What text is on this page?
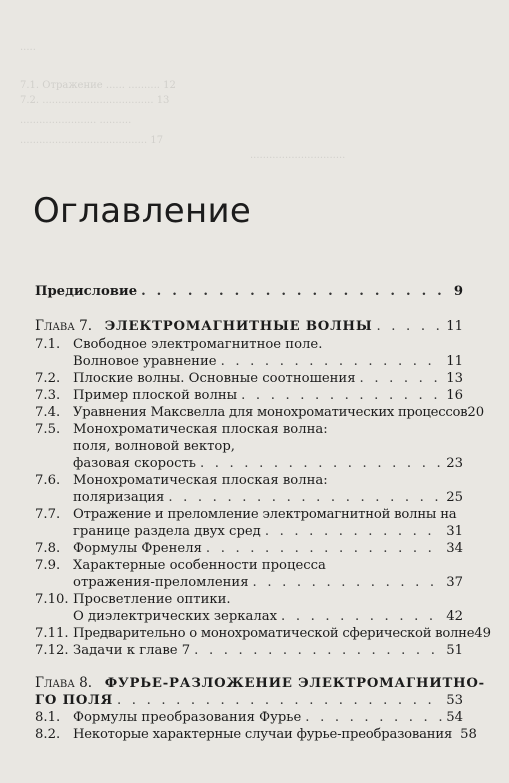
.....
7.1. Отражение ...... .......... 12
7.2. ................................... 13
........................ ..........
........................................ 17
..............................
Оглавление
Предисловие . . .	9
Глава 7. ЭЛЕКТРОМАГНИТНЫЕ ВОЛНЫ . . .	11
7.1. Свободное электромагнитное поле.
Волновое уравнение . . .	11
7.2. Плоские волны. Основные соотношения . . .	13
7.3. Пример плоской волны . . .	16
7.4. Уравнения Максвелла для монохроматических процессов 20
7.5. Монохроматическая плоская волна:
поля, волновой вектор,
фазовая скорость . . .	23
7.6. Монохроматическая плоская волна:
поляризация . . .	25
7.7. Отражение и преломление электромагнитной волны на
границе раздела двух сред . . .	31
7.8. Формулы Френеля . . .	34
7.9. Характерные особенности процесса
отражения-преломления . . .	37
7.10. Просветление оптики.
О диэлектрических зеркалах . . .	42
7.11. Предварительно о монохроматической сферической волне 49
7.12. Задачи к главе 7 . . .	51
Глава 8. ФУРЬЕ-РАЗЛОЖЕНИЕ ЭЛЕКТРОМАГНИТНО-
ГО ПОЛЯ . . .	53
8.1. Формулы преобразования Фурье . . .	54
8.2. Некоторые характерные случаи фурье-преобразования 58
